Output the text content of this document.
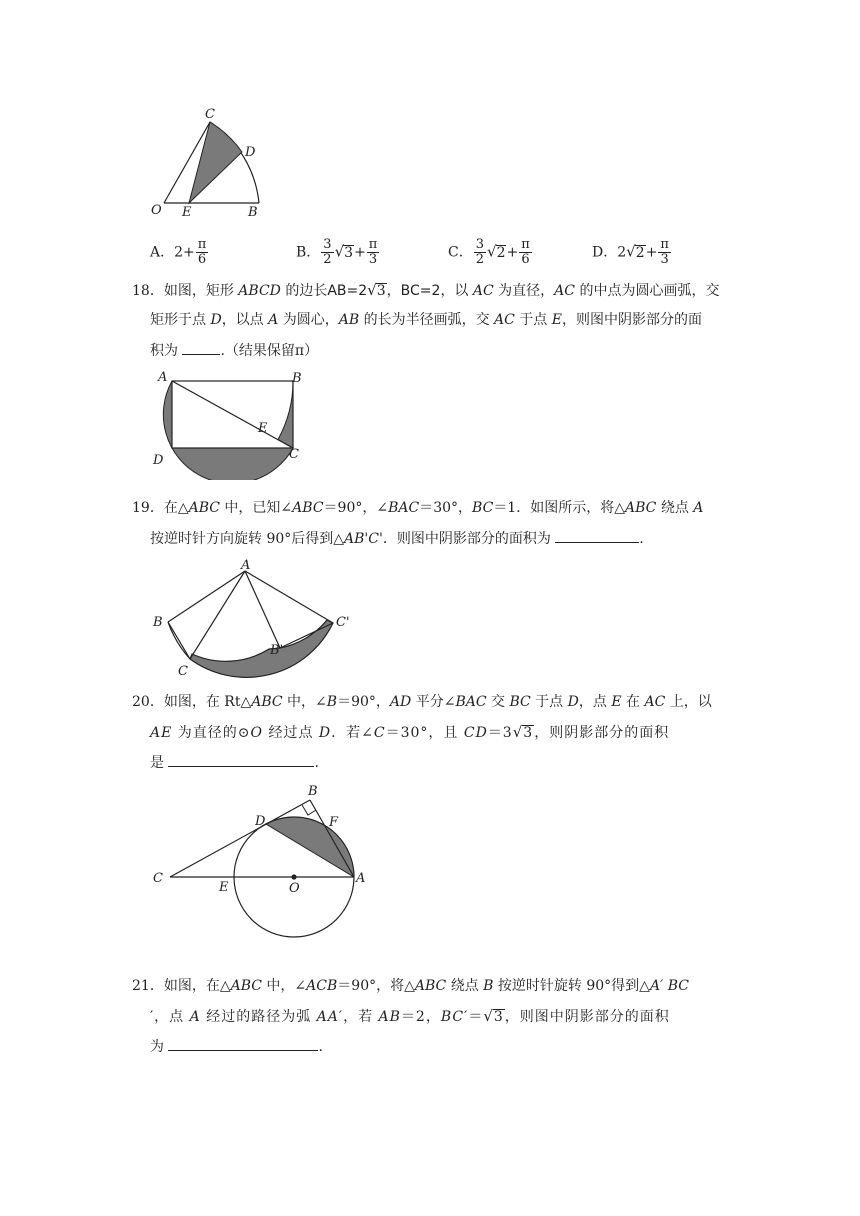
C
D
O E	B
A．$2+ \frac{\pi}{6}$	B． $\frac{3}{2} √3+ \frac{\pi}{3}$	C． $\frac{3}{2} √2+ \frac{\pi}{6}$	D．$2√2+ \frac{\pi}{3}$
18．如图，矩形 ABCD 的边长AB=2√3，BC=2，以 AC 为直径，AC 的中点为圆心画弧，交
矩形于点 D，以点 A 为圆心，AB 的长为半径画弧，交 AC 于点 E，则图中阴影部分的面
积为	.（结果保留π）
A	B
E
D	C
19．在△ABC 中，已知∠ABC＝90°，∠BAC＝30°，BC＝1．如图所示，将△ABC 绕点 A
按逆时针方向旋转 90°后得到△AB'C'．则图中阴影部分的面积为	.
A
B
C
B'
C'
20．如图，在 Rt△ABC 中，∠B＝90°，AD 平分∠BAC 交 BC 于点 D，点 E 在 AC 上，以
AE 为直径的⊙O 经过点 D．若∠C＝30°，且 CD＝3√3，则阴影部分的面积
是	.
B
D	F
C
E	O
A
21．如图，在△ABC 中，∠ACB＝90°，将△ABC 绕点 B 按逆时针旋转 90°得到△A′ BC
′，点 A 经过的路径为弧 AA′，若 AB＝2，BC′＝√3，则图中阴影部分的面积
为	.
